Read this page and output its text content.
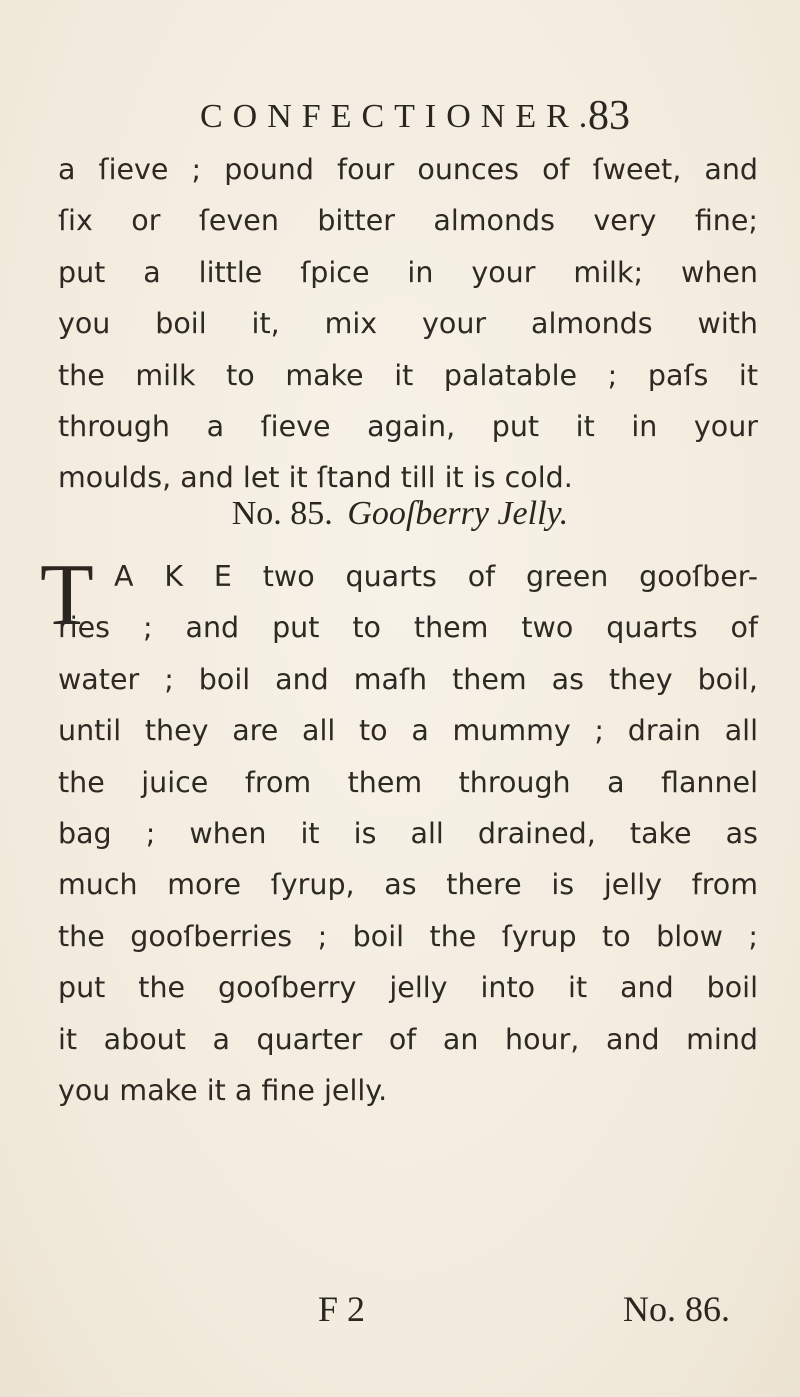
CONFECTIONER.
83
a ſieve ; pound four ounces of ſweet, and
ſix or ſeven bitter almonds very fine;
put a little ſpice in your milk; when
you boil it, mix your almonds with
the milk to make it palatable ; paſs it
through a ſieve again, put it in your
moulds, and let it ſtand till it is cold.
No. 85. Gooſberry Jelly.
T A K E two quarts of green gooſber-
ries ; and put to them two quarts of
water ; boil and maſh them as they boil,
until they are all to a mummy ; drain all
the juice from them through a flannel
bag ; when it is all drained, take as
much more ſyrup, as there is jelly from
the gooſberries ; boil the ſyrup to blow ;
put the gooſberry jelly into it and boil
it about a quarter of an hour, and mind
you make it a fine jelly.
F 2	No. 86.
